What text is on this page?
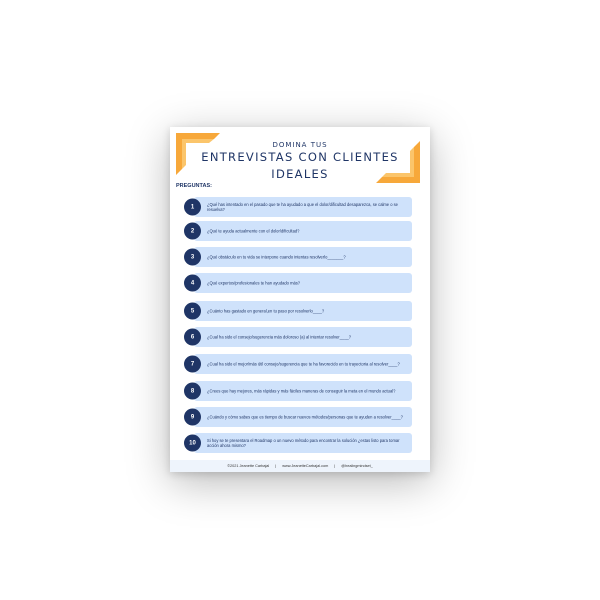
DOMINA TUS
ENTREVISTAS CON CLIENTES
IDEALES
PREGUNTAS:
1	¿Qué has intentado en el pasado que te ha ayudado a que el dolor/dificultad desaparezca, se calme o se resuelva?
2	¿Qué te ayuda actualmente con el dolor/dificultad?
3	¿Qué obstáculo en tu vida se interpone cuando intentas resolverlo_______?
4	¿Qué expertos/profesionales te han ayudado más?
5	¿Cuánto has gastado en general,en tu paso por resolverlo____?
6	¿Cual ha sido el consejo/sugerencia más doloroso (a) al intentar resolver____?
7	¿Cual ha sido el mejor/más útil consejo/sugerencia que te ha favorecido en tu trayectoria al resolver____?
8	¿Crees que hay mejores, más rápidas y más fáciles maneras de conseguir la meta en el mundo actual?
9	¿Cuándo y cómo sabes que es tiempo de buscar nuevos métodos/personas que te ayuden a resolver____?
10	Si hoy se te presentara el Roadmap o un nuevo método para encontrar la solución ¿estas listo para tomar acción ahora mismo?
©2021 Jeanette Carbajal | www.JeanetteCarbajal.com | @healingmindset_
